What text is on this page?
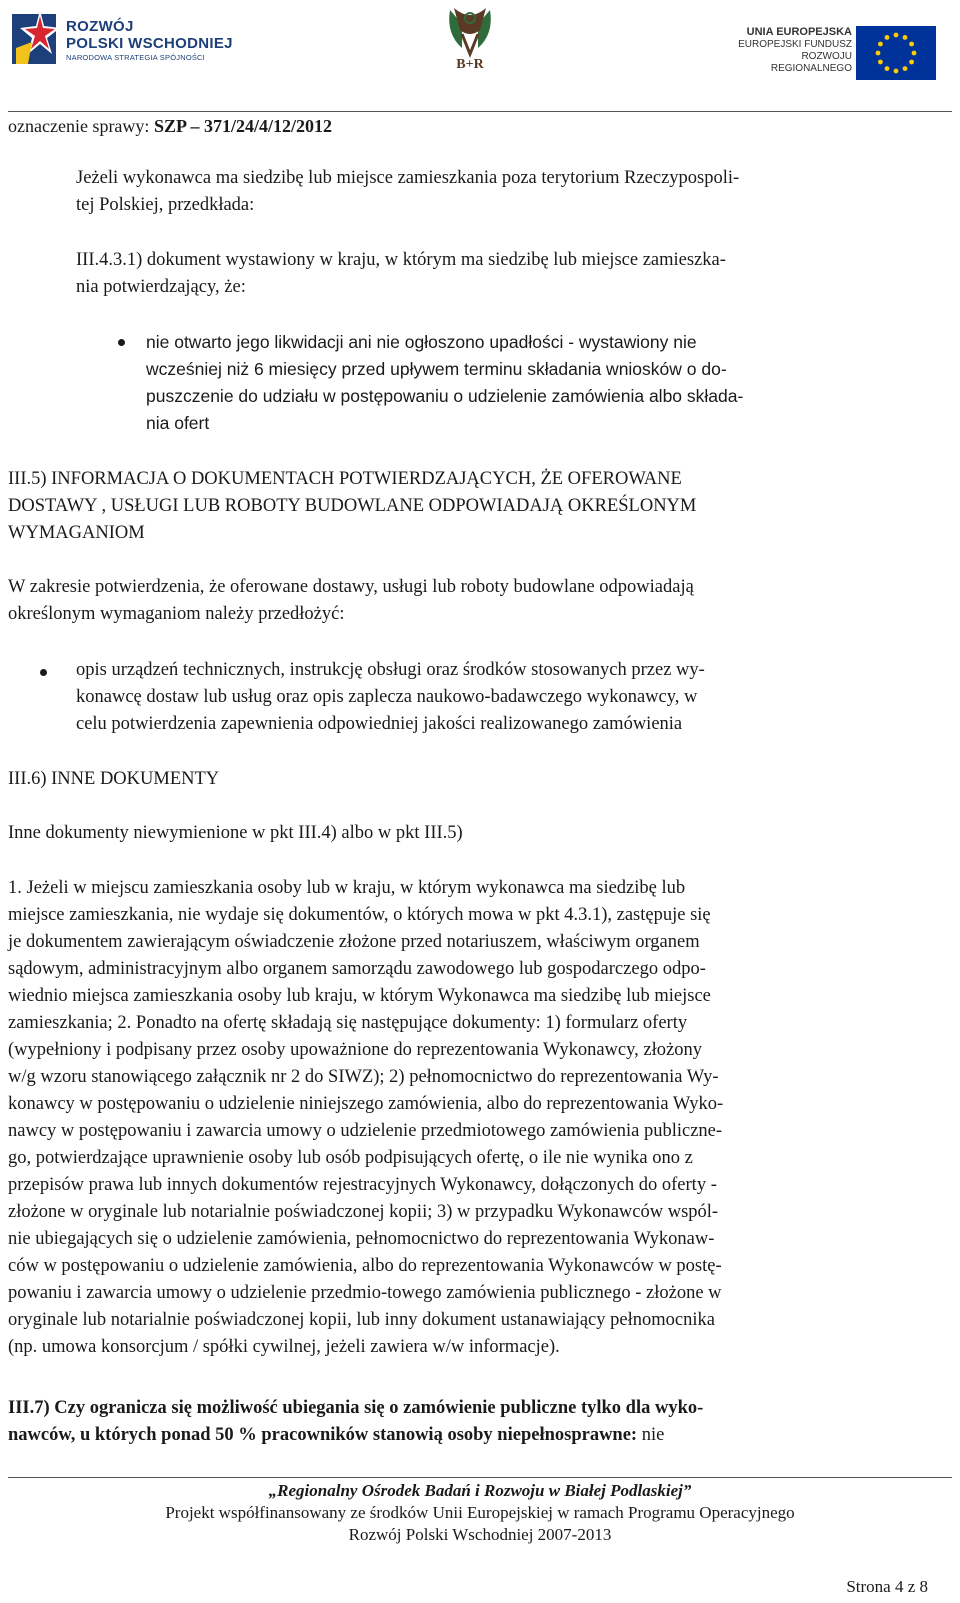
ROZWÓJ
POLSKI WSCHODNIEJ
NARODOWA STRATEGIA SPÓJNOŚCI	B+R
UNIA EUROPEJSKA
EUROPEJSKI FUNDUSZ
ROZWOJU REGIONALNEGO
oznaczenie sprawy: SZP – 371/24/4/12/2012
Jeżeli wykonawca ma siedzibę lub miejsce zamieszkania poza terytorium Rzeczypospoli-
tej Polskiej, przedkłada:
III.4.3.1) dokument wystawiony w kraju, w którym ma siedzibę lub miejsce zamieszka-
nia potwierdzający, że:
nie otwarto jego likwidacji ani nie ogłoszono upadłości - wystawiony nie
wcześniej niż 6 miesięcy przed upływem terminu składania wniosków o do-
puszczenie do udziału w postępowaniu o udzielenie zamówienia albo składa-
nia ofert
III.5) INFORMACJA O DOKUMENTACH POTWIERDZAJĄCYCH, ŻE OFEROWANE
DOSTAWY , USŁUGI LUB ROBOTY BUDOWLANE ODPOWIADAJĄ OKREŚLONYM
WYMAGANIOM
W zakresie potwierdzenia, że oferowane dostawy, usługi lub roboty budowlane odpowiadają
określonym wymaganiom należy przedłożyć:
opis urządzeń technicznych, instrukcję obsługi oraz środków stosowanych przez wy-
konawcę dostaw lub usług oraz opis zaplecza naukowo-badawczego wykonawcy, w
celu potwierdzenia zapewnienia odpowiedniej jakości realizowanego zamówienia
III.6) INNE DOKUMENTY
Inne dokumenty niewymienione w pkt III.4) albo w pkt III.5)
1. Jeżeli w miejscu zamieszkania osoby lub w kraju, w którym wykonawca ma siedzibę lub
miejsce zamieszkania, nie wydaje się dokumentów, o których mowa w pkt 4.3.1), zastępuje się
je dokumentem zawierającym oświadczenie złożone przed notariuszem, właściwym organem
sądowym, administracyjnym albo organem samorządu zawodowego lub gospodarczego odpo-
wiednio miejsca zamieszkania osoby lub kraju, w którym Wykonawca ma siedzibę lub miejsce
zamieszkania; 2. Ponadto na ofertę składają się następujące dokumenty: 1) formularz oferty
(wypełniony i podpisany przez osoby upoważnione do reprezentowania Wykonawcy, złożony
w/g wzoru stanowiącego załącznik nr 2 do SIWZ); 2) pełnomocnictwo do reprezentowania Wy-
konawcy w postępowaniu o udzielenie niniejszego zamówienia, albo do reprezentowania Wyko-
nawcy w postępowaniu i zawarcia umowy o udzielenie przedmiotowego zamówienia publiczne-
go, potwierdzające uprawnienie osoby lub osób podpisujących ofertę, o ile nie wynika ono z
przepisów prawa lub innych dokumentów rejestracyjnych Wykonawcy, dołączonych do oferty -
złożone w oryginale lub notarialnie poświadczonej kopii; 3) w przypadku Wykonawców wspól-
nie ubiegających się o udzielenie zamówienia, pełnomocnictwo do reprezentowania Wykonaw-
ców w postępowaniu o udzielenie zamówienia, albo do reprezentowania Wykonawców w postę-
powaniu i zawarcia umowy o udzielenie przedmio-towego zamówienia publicznego - złożone w
oryginale lub notarialnie poświadczonej kopii, lub inny dokument ustanawiający pełnomocnika
(np. umowa konsorcjum / spółki cywilnej, jeżeli zawiera w/w informacje).
III.7) Czy ogranicza się możliwość ubiegania się o zamówienie publiczne tylko dla wyko-
nawców, u których ponad 50 % pracowników stanowią osoby niepełnosprawne: nie
„Regionalny Ośrodek Badań i Rozwoju w Białej Podlaskiej”
Projekt współfinansowany ze środków Unii Europejskiej w ramach Programu Operacyjnego
Rozwój Polski Wschodniej 2007-2013
Strona 4 z 8
